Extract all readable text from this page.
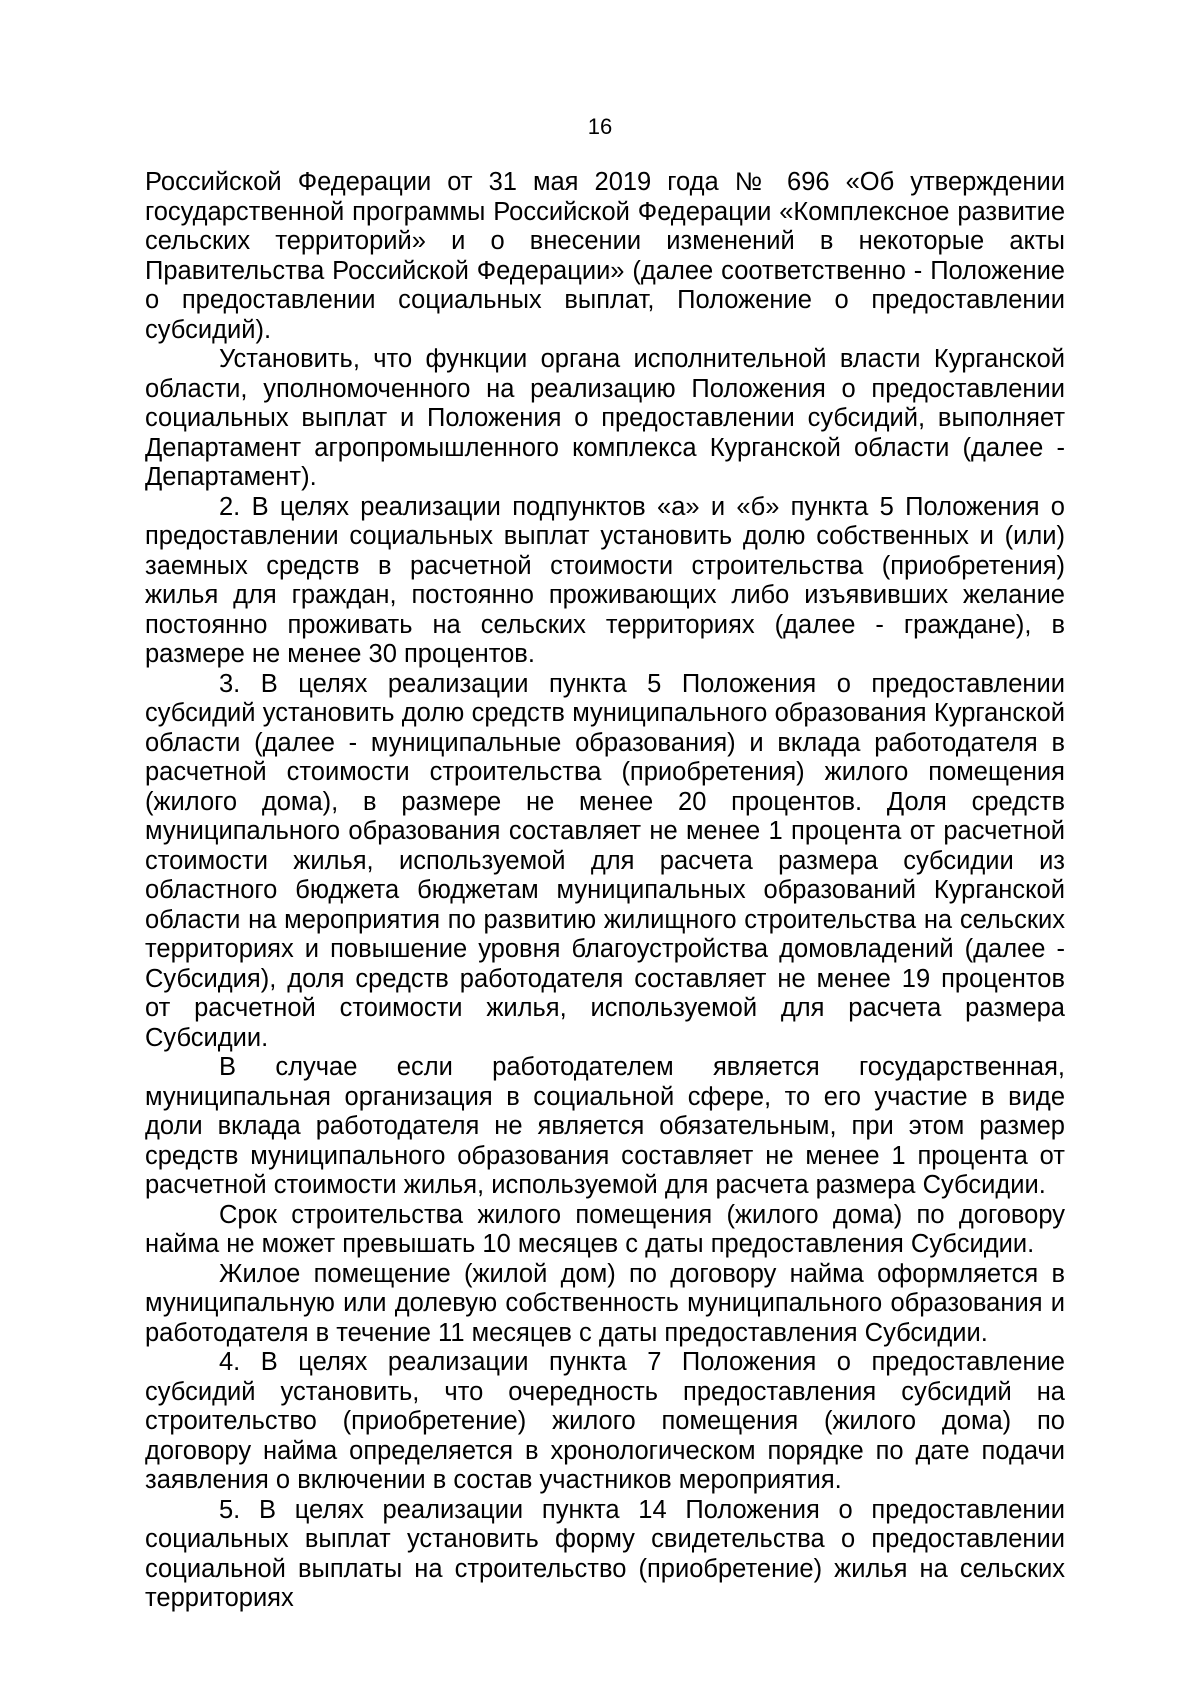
16

Российской Федерации от 31 мая 2019 года № 696 «Об утверждении государственной программы Российской Федерации «Комплексное развитие сельских территорий» и о внесении изменений в некоторые акты Правительства Российской Федерации» (далее соответственно - Положение о предоставлении социальных выплат, Положение о предоставлении субсидий).

Установить, что функции органа исполнительной власти Курганской области, уполномоченного на реализацию Положения о предоставлении социальных выплат и Положения о предоставлении субсидий, выполняет Департамент агропромышленного комплекса Курганской области (далее - Департамент).

2. В целях реализации подпунктов «а» и «б» пункта 5 Положения о предоставлении социальных выплат установить долю собственных и (или) заемных средств в расчетной стоимости строительства (приобретения) жилья для граждан, постоянно проживающих либо изъявивших желание постоянно проживать на сельских территориях (далее - граждане), в размере не менее 30 процентов.

3. В целях реализации пункта 5 Положения о предоставлении субсидий установить долю средств муниципального образования Курганской области (далее - муниципальные образования) и вклада работодателя в расчетной стоимости строительства (приобретения) жилого помещения (жилого дома), в размере не менее 20 процентов. Доля средств муниципального образования составляет не менее 1 процента от расчетной стоимости жилья, используемой для расчета размера субсидии из областного бюджета бюджетам муниципальных образований Курганской области на мероприятия по развитию жилищного строительства на сельских территориях и повышение уровня благоустройства домовладений (далее - Субсидия), доля средств работодателя составляет не менее 19 процентов от расчетной стоимости жилья, используемой для расчета размера Субсидии.

В случае если работодателем является государственная, муниципальная организация в социальной сфере, то его участие в виде доли вклада работодателя не является обязательным, при этом размер средств муниципального образования составляет не менее 1 процента от расчетной стоимости жилья, используемой для расчета размера Субсидии.

Срок строительства жилого помещения (жилого дома) по договору найма не может превышать 10 месяцев с даты предоставления Субсидии.

Жилое помещение (жилой дом) по договору найма оформляется в муниципальную или долевую собственность муниципального образования и работодателя в течение 11 месяцев с даты предоставления Субсидии.

4. В целях реализации пункта 7 Положения о предоставление субсидий установить, что очередность предоставления субсидий на строительство (приобретение) жилого помещения (жилого дома) по договору найма определяется в хронологическом порядке по дате подачи заявления о включении в состав участников мероприятия.

5. В целях реализации пункта 14 Положения о предоставлении социальных выплат установить форму свидетельства о предоставлении социальной выплаты на строительство (приобретение) жилья на сельских территориях
